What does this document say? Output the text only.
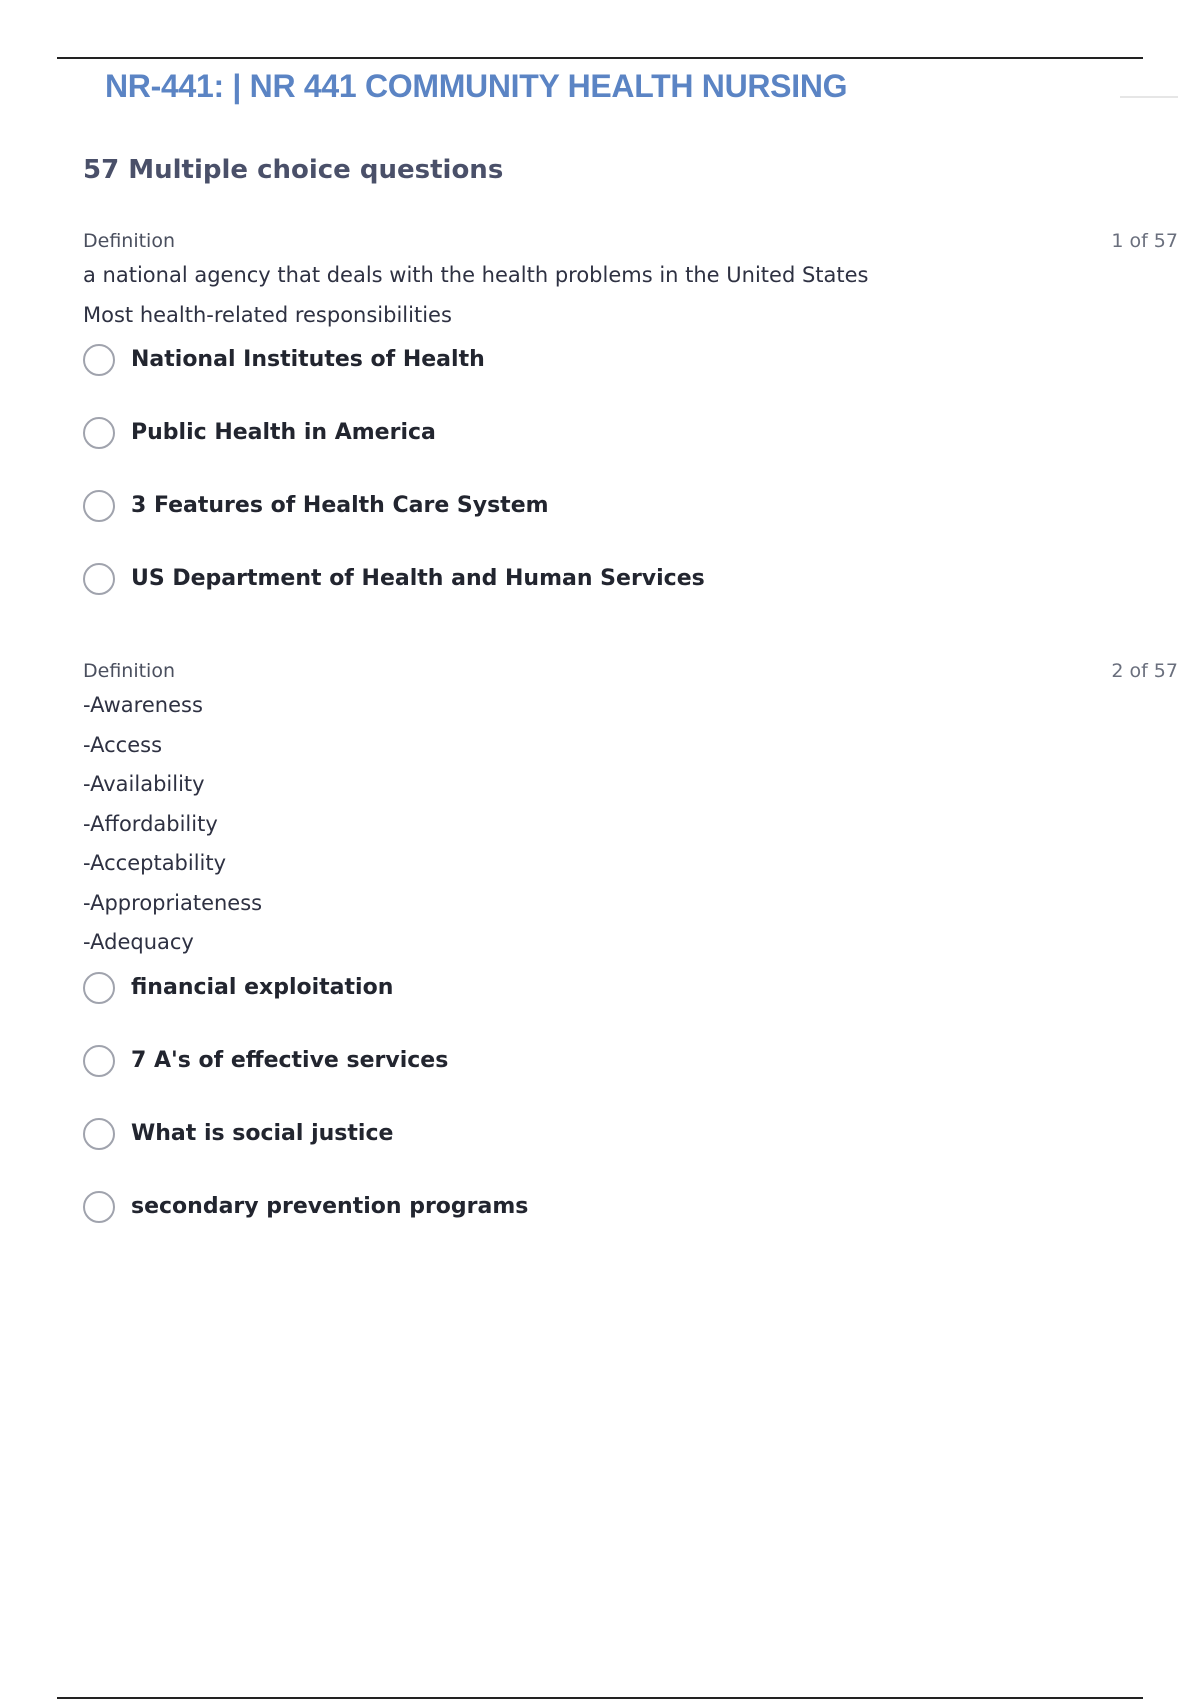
NR-441: | NR 441 COMMUNITY HEALTH NURSING
57 Multiple choice questions
Definition	1 of 57
a national agency that deals with the health problems in the United States
Most health-related responsibilities
National Institutes of Health
Public Health in America
3 Features of Health Care System
US Department of Health and Human Services
Definition	2 of 57
-Awareness
-Access
-Availability
-Affordability
-Acceptability
-Appropriateness
-Adequacy
financial exploitation
7 A's of effective services
What is social justice
secondary prevention programs
